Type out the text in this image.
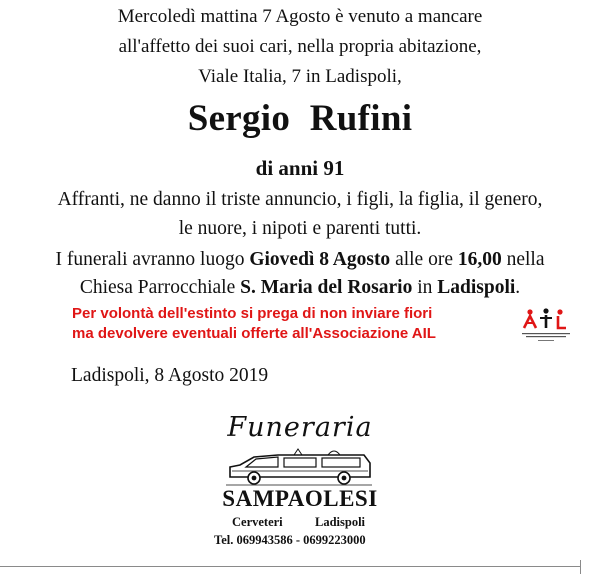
Mercoledì mattina 7 Agosto è venuto a mancare
all'affetto dei suoi cari, nella propria abitazione,
Viale Italia, 7 in Ladispoli,
Sergio Rufini
di anni 91
Affranti, ne danno il triste annuncio, i figli, la figlia, il genero,
le nuore, i nipoti e parenti tutti.
I funerali avranno luogo Giovedì 8 Agosto alle ore 16,00 nella
Chiesa Parrocchiale S. Maria del Rosario in Ladispoli.
Per volontà dell'estinto si prega di non inviare fiori
ma devolvere eventuali offerte all'Associazione AIL
Ladispoli, 8 Agosto 2019
Funeraria
SAMPAOLESI
Cerveteri	Ladispoli
Tel. 069943586 - 0699223000
